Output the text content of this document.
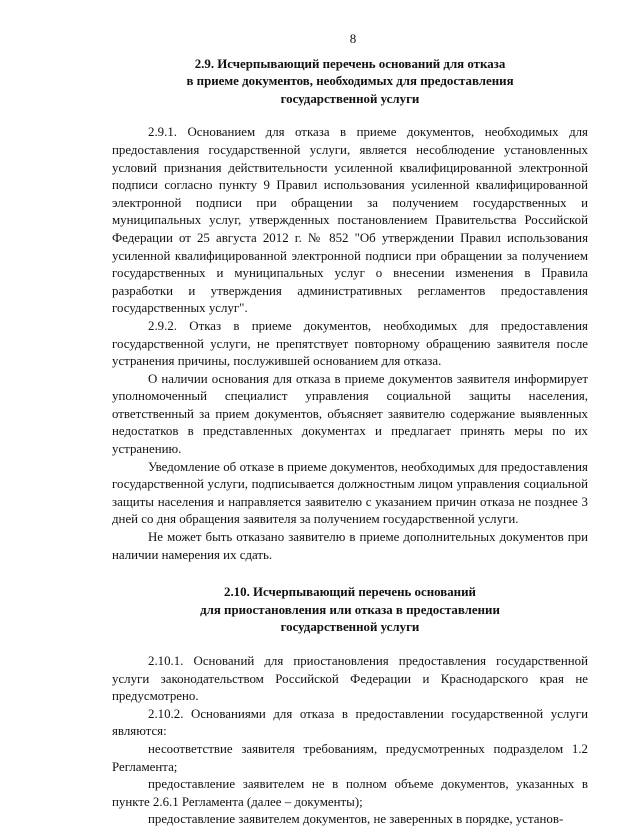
8
2.9. Исчерпывающий перечень оснований для отказа
в приеме документов, необходимых для предоставления
государственной услуги

2.9.1. Основанием для отказа в приеме документов, необходимых для предоставления государственной услуги, является несоблюдение установленных условий признания действительности усиленной квалифицированной электронной подписи согласно пункту 9 Правил использования усиленной квалифицированной электронной подписи при обращении за получением государственных и муниципальных услуг, утвержденных постановлением Правительства Российской Федерации от 25 августа 2012 г. № 852 "Об утверждении Правил использования усиленной квалифицированной электронной подписи при обращении за получением государственных и муниципальных услуг о внесении изменения в Правила разработки и утверждения административных регламентов предоставления государственных услуг".

2.9.2. Отказ в приеме документов, необходимых для предоставления государственной услуги, не препятствует повторному обращению заявителя после устранения причины, послужившей основанием для отказа.

О наличии основания для отказа в приеме документов заявителя информирует уполномоченный специалист управления социальной защиты населения, ответственный за прием документов, объясняет заявителю содержание выявленных недостатков в представленных документах и предлагает принять меры по их устранению.

Уведомление об отказе в приеме документов, необходимых для предоставления государственной услуги, подписывается должностным лицом управления социальной защиты населения и направляется заявителю с указанием причин отказа не позднее 3 дней со дня обращения заявителя за получением государственной услуги.

Не может быть отказано заявителю в приеме дополнительных документов при наличии намерения их сдать.

2.10. Исчерпывающий перечень оснований
для приостановления или отказа в предоставлении
государственной услуги

2.10.1. Оснований для приостановления предоставления государственной услуги законодательством Российской Федерации и Краснодарского края не предусмотрено.

2.10.2. Основаниями для отказа в предоставлении государственной услуги являются:

несоответствие заявителя требованиям, предусмотренных подразделом 1.2 Регламента;

предоставление заявителем не в полном объеме документов, указанных в пункте 2.6.1 Регламента (далее – документы);

предоставление заявителем документов, не заверенных в порядке, установ-
